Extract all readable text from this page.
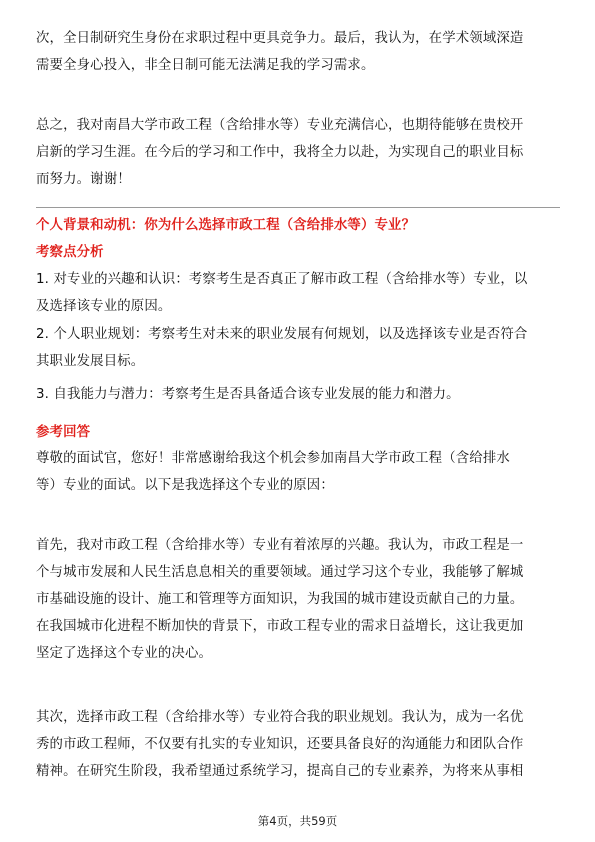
次，全日制研究生身份在求职过程中更具竞争力。最后，我认为，在学术领域深造
需要全身心投入，非全日制可能无法满足我的学习需求。
总之，我对南昌大学市政工程（含给排水等）专业充满信心，也期待能够在贵校开
启新的学习生涯。在今后的学习和工作中，我将全力以赴，为实现自己的职业目标
而努力。谢谢！
个人背景和动机：你为什么选择市政工程（含给排水等）专业？
考察点分析
1. 对专业的兴趣和认识：考察考生是否真正了解市政工程（含给排水等）专业，以
及选择该专业的原因。
2. 个人职业规划：考察考生对未来的职业发展有何规划，以及选择该专业是否符合
其职业发展目标。
3. 自我能力与潜力：考察考生是否具备适合该专业发展的能力和潜力。
参考回答
尊敬的面试官，您好！非常感谢给我这个机会参加南昌大学市政工程（含给排水
等）专业的面试。以下是我选择这个专业的原因：
首先，我对市政工程（含给排水等）专业有着浓厚的兴趣。我认为，市政工程是一
个与城市发展和人民生活息息相关的重要领域。通过学习这个专业，我能够了解城
市基础设施的设计、施工和管理等方面知识，为我国的城市建设贡献自己的力量。
在我国城市化进程不断加快的背景下，市政工程专业的需求日益增长，这让我更加
坚定了选择这个专业的决心。
其次，选择市政工程（含给排水等）专业符合我的职业规划。我认为，成为一名优
秀的市政工程师，不仅要有扎实的专业知识，还要具备良好的沟通能力和团队合作
精神。在研究生阶段，我希望通过系统学习，提高自己的专业素养，为将来从事相
第4页，共59页
